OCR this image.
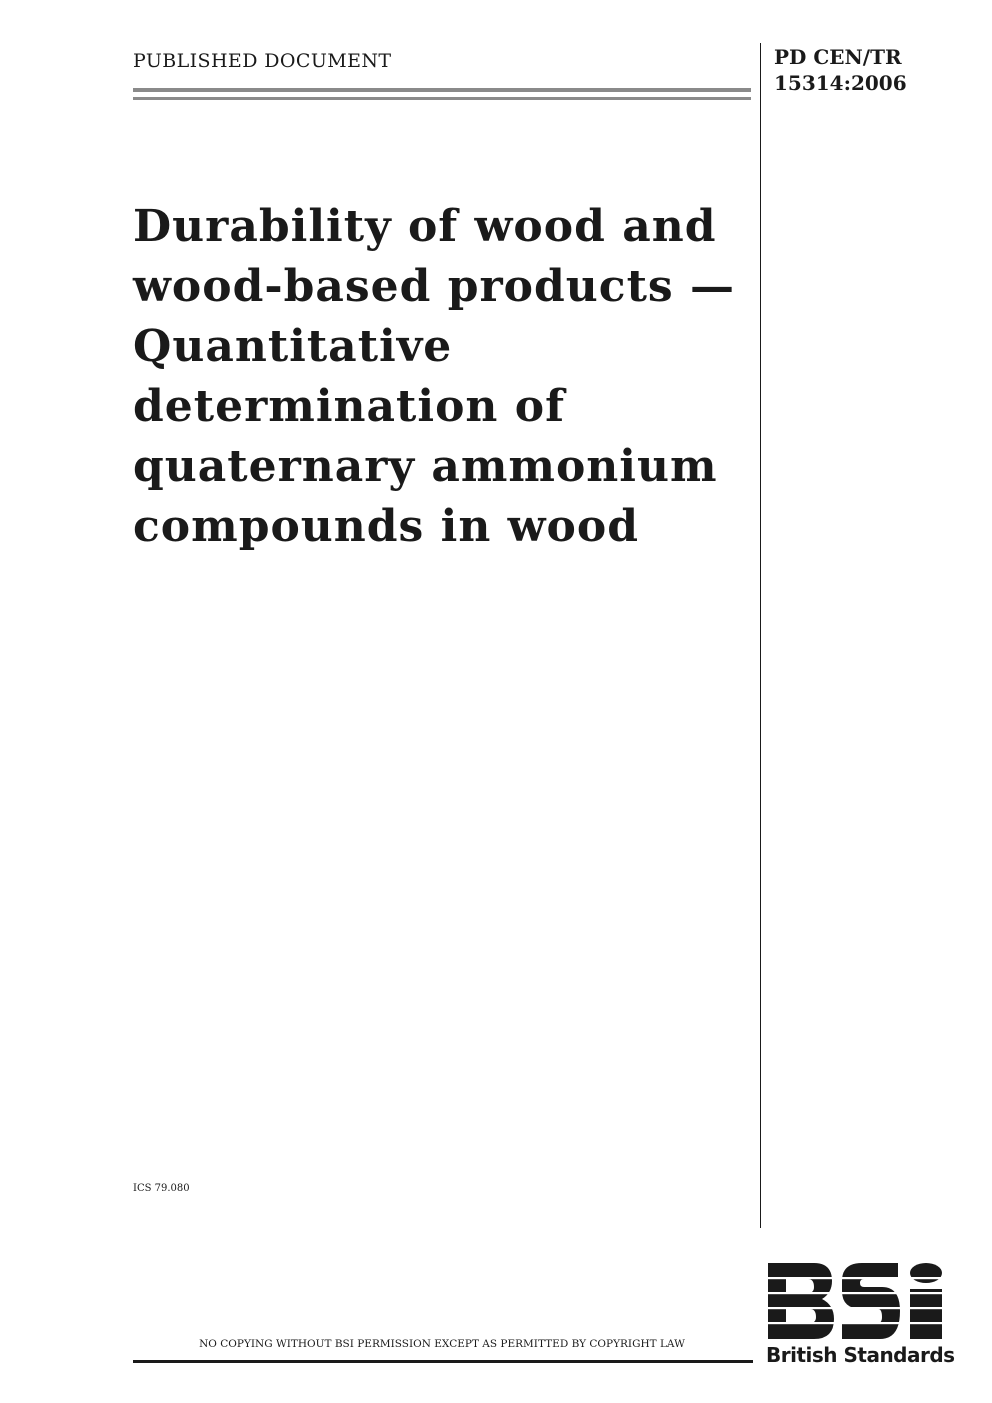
PUBLISHED DOCUMENT	PD CEN/TR
15314:2006
Durability of wood and
wood-based products —
Quantitative
determination of
quaternary ammonium
compounds in wood
ICS 79.080
NO COPYING WITHOUT BSI PERMISSION EXCEPT AS PERMITTED BY COPYRIGHT LAW	British Standards
